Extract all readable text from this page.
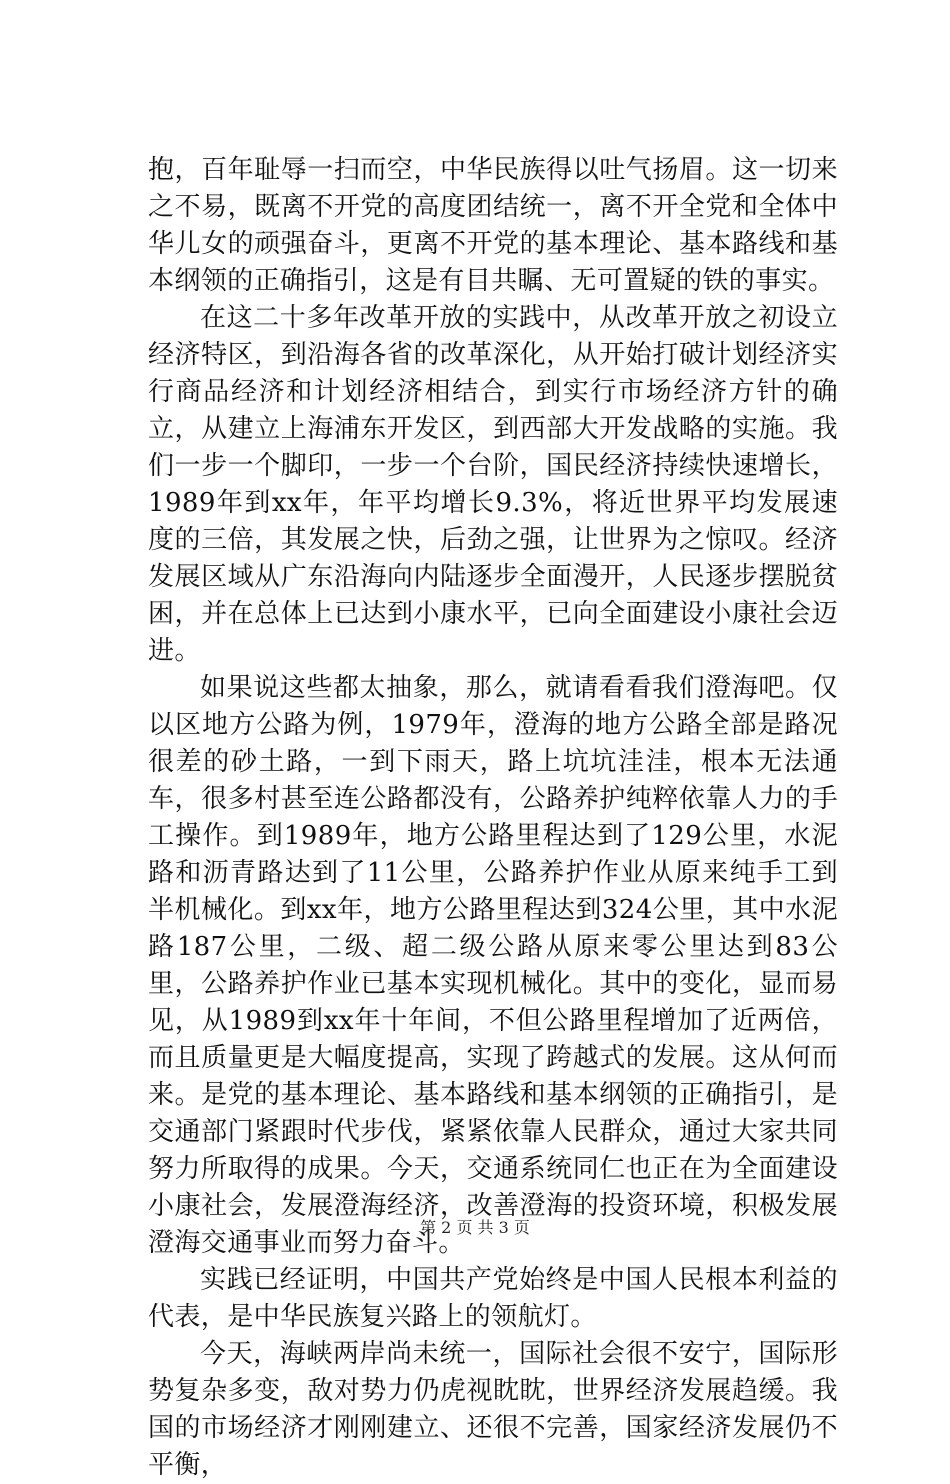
抱，百年耻辱一扫而空，中华民族得以吐气扬眉。这一切来之不易，既离不开党的高度团结统一，离不开全党和全体中华儿女的顽强奋斗，更离不开党的基本理论、基本路线和基本纲领的正确指引，这是有目共瞩、无可置疑的铁的事实。

在这二十多年改革开放的实践中，从改革开放之初设立经济特区，到沿海各省的改革深化，从开始打破计划经济实行商品经济和计划经济相结合，到实行市场经济方针的确立，从建立上海浦东开发区，到西部大开发战略的实施。我们一步一个脚印，一步一个台阶，国民经济持续快速增长，1989年到xx年，年平均增长9.3%，将近世界平均发展速度的三倍，其发展之快，后劲之强，让世界为之惊叹。经济发展区域从广东沿海向内陆逐步全面漫开，人民逐步摆脱贫困，并在总体上已达到小康水平，已向全面建设小康社会迈进。

如果说这些都太抽象，那么，就请看看我们澄海吧。仅以区地方公路为例，1979年，澄海的地方公路全部是路况很差的砂土路，一到下雨天，路上坑坑洼洼，根本无法通车，很多村甚至连公路都没有，公路养护纯粹依靠人力的手工操作。到1989年，地方公路里程达到了129公里，水泥路和沥青路达到了11公里，公路养护作业从原来纯手工到半机械化。到xx年，地方公路里程达到324公里，其中水泥路187公里，二级、超二级公路从原来零公里达到83公里，公路养护作业已基本实现机械化。其中的变化，显而易见，从1989到xx年十年间，不但公路里程增加了近两倍，而且质量更是大幅度提高，实现了跨越式的发展。这从何而来。是党的基本理论、基本路线和基本纲领的正确指引，是交通部门紧跟时代步伐，紧紧依靠人民群众，通过大家共同努力所取得的成果。今天，交通系统同仁也正在为全面建设小康社会，发展澄海经济，改善澄海的投资环境，积极发展澄海交通事业而努力奋斗。

实践已经证明，中国共产党始终是中国人民根本利益的代表，是中华民族复兴路上的领航灯。

今天，海峡两岸尚未统一，国际社会很不安宁，国际形势复杂多变，敌对势力仍虎视眈眈，世界经济发展趋缓。我国的市场经济才刚刚建立、还很不完善，国家经济发展仍不平衡，

第 2 页 共 3 页
